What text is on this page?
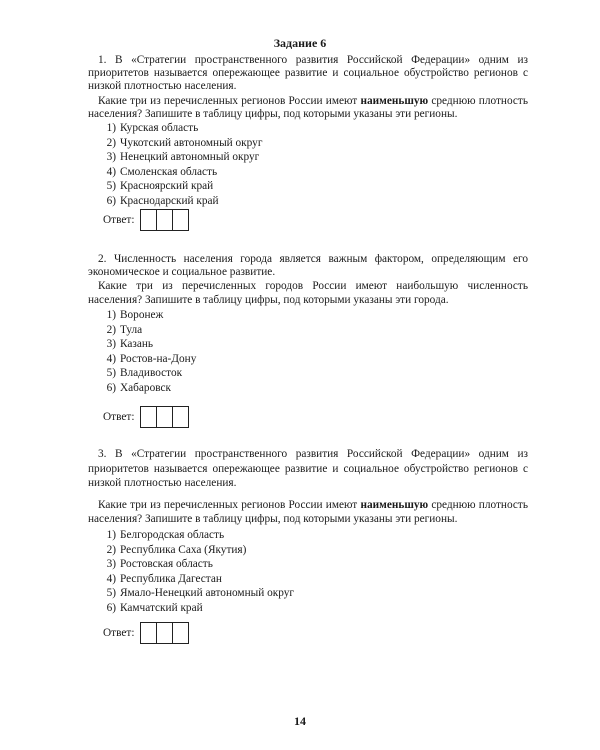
Задание 6

1. В «Стратегии пространственного развития Российской Федерации» одним из приоритетов называется опережающее развитие и социальное обустройство регионов с низкой плотностью населения.

Какие три из перечисленных регионов России имеют наименьшую среднюю плотность населения? Запишите в таблицу цифры, под которыми указаны эти регионы.

1) Курская область
2) Чукотский автономный округ
3) Ненецкий автономный округ
4) Смоленская область
5) Красноярский край
6) Краснодарский край
Ответ:

2. Численность населения города является важным фактором, определяющим его экономическое и социальное развитие.

Какие три из перечисленных городов России имеют наибольшую численность населения? Запишите в таблицу цифры, под которыми указаны эти города.

1) Воронеж
2) Тула
3) Казань
4) Ростов-на-Дону
5) Владивосток
6) Хабаровск
Ответ:

3. В «Стратегии пространственного развития Российской Федерации» одним из приоритетов называется опережающее развитие и социальное обустройство регионов с низкой плотностью населения.

Какие три из перечисленных регионов России имеют наименьшую среднюю плотность населения? Запишите в таблицу цифры, под которыми указаны эти регионы.

1) Белгородская область
2) Республика Саха (Якутия)
3) Ростовская область
4) Республика Дагестан
5) Ямало-Ненецкий автономный округ
6) Камчатский край
Ответ:
14
